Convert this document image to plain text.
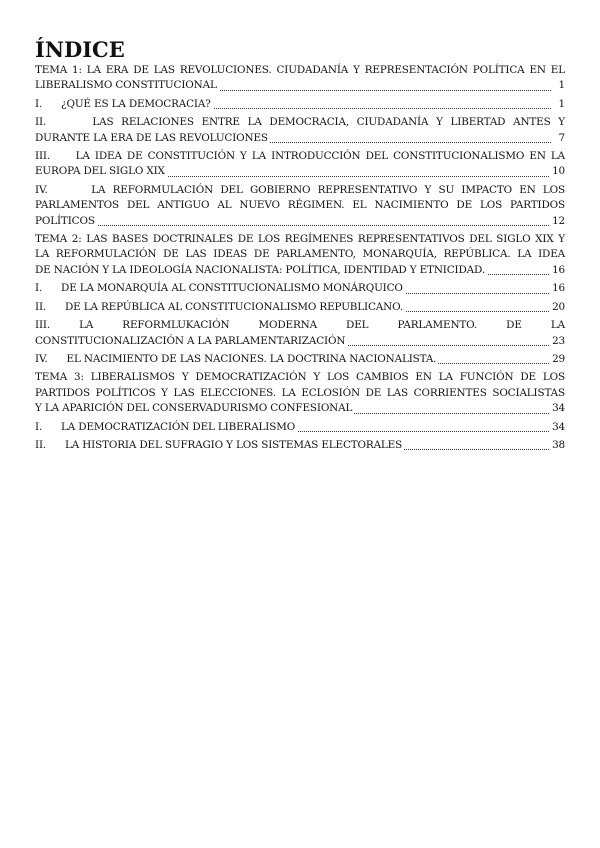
ÍNDICE
TEMA 1: LA ERA DE LAS REVOLUCIONES. CIUDADANÍA Y REPRESENTACIÓN POLÍTICA EN EL
1
LIBERALISMO CONSTITUCIONAL
1
I.      ¿QUÉ ES LA DEMOCRACIA?
II.      LAS RELACIONES ENTRE LA DEMOCRACIA, CIUDADANÍA Y LIBERTAD ANTES Y
7
DURANTE LA ERA DE LAS REVOLUCIONES
III.     LA IDEA DE CONSTITUCIÓN Y LA INTRODUCCIÓN DEL CONSTITUCIONALISMO EN LA
10
EUROPA DEL SIGLO XIX
IV.      LA REFORMULACIÓN DEL GOBIERNO REPRESENTATIVO Y SU IMPACTO EN LOS
PARLAMENTOS DEL ANTIGUO AL NUEVO RÉGIMEN. EL NACIMIENTO DE LOS PARTIDOS
12
POLÍTICOS
TEMA 2: LAS BASES DOCTRINALES DE LOS REGÍMENES REPRESENTATIVOS DEL SIGLO XIX Y
LA REFORMULACIÓN DE LAS IDEAS DE PARLAMENTO, MONARQUÍA, REPÚBLICA. LA IDEA
16
DE NACIÓN Y LA IDEOLOGÍA NACIONALISTA: POLÍTICA, IDENTIDAD Y ETNICIDAD.
16
I.      DE LA MONARQUÍA AL CONSTITUCIONALISMO MONÁRQUICO
20
II.      DE LA REPÚBLICA AL CONSTITUCIONALISMO REPUBLICANO.
III.      LA      REFORMLUKACIÓN      MODERNA      DEL      PARLAMENTO.      DE      LA
23
CONSTITUCIONALIZACIÓN A LA PARLAMENTARIZACIÓN
29
IV.      EL NACIMIENTO DE LAS NACIONES. LA DOCTRINA NACIONALISTA.
TEMA 3: LIBERALISMOS Y DEMOCRATIZACIÓN Y LOS CAMBIOS EN LA FUNCIÓN DE LOS
PARTIDOS POLÍTICOS Y LAS ELECCIONES. LA ECLOSIÓN DE LAS CORRIENTES SOCIALISTAS
34
Y LA APARICIÓN DEL CONSERVADURISMO CONFESIONAL
34
I.      LA DEMOCRATIZACIÓN DEL LIBERALISMO
38
II.      LA HISTORIA DEL SUFRAGIO Y LOS SISTEMAS ELECTORALES
